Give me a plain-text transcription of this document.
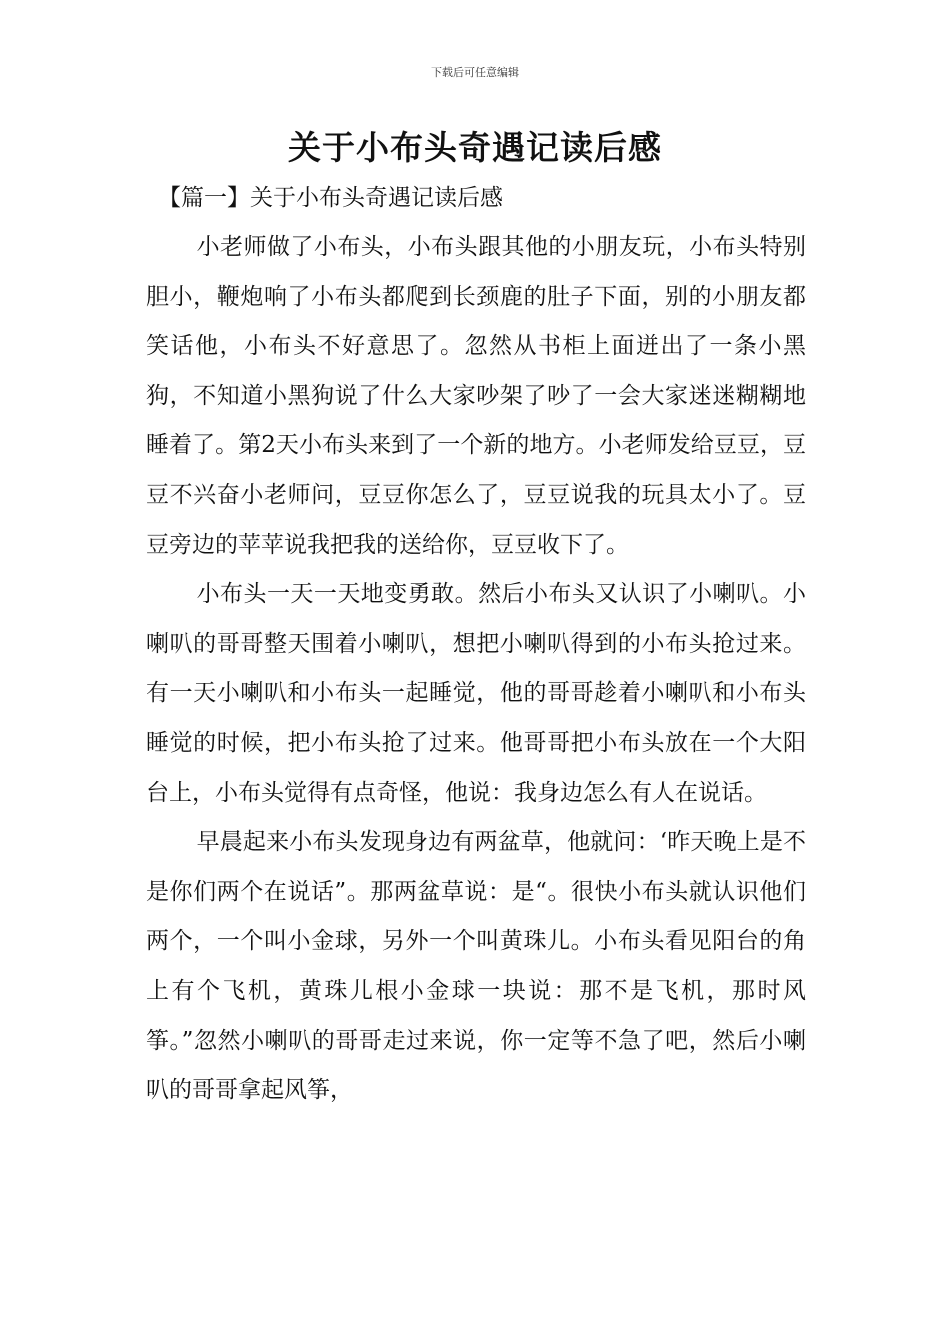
下载后可任意编辑
关于小布头奇遇记读后感
【篇一】关于小布头奇遇记读后感

小老师做了小布头，小布头跟其他的小朋友玩，小布头特别胆小，鞭炮响了小布头都爬到长颈鹿的肚子下面，别的小朋友都笑话他，小布头不好意思了。忽然从书柜上面迸出了一条小黑狗，不知道小黑狗说了什么大家吵架了吵了一会大家迷迷糊糊地睡着了。第2天小布头来到了一个新的地方。小老师发给豆豆，豆豆不兴奋小老师问，豆豆你怎么了，豆豆说我的玩具太小了。豆豆旁边的苹苹说我把我的送给你，豆豆收下了。

小布头一天一天地变勇敢。然后小布头又认识了小喇叭。小喇叭的哥哥整天围着小喇叭，想把小喇叭得到的小布头抢过来。有一天小喇叭和小布头一起睡觉，他的哥哥趁着小喇叭和小布头睡觉的时候，把小布头抢了过来。他哥哥把小布头放在一个大阳台上，小布头觉得有点奇怪，他说：我身边怎么有人在说话。

早晨起来小布头发现身边有两盆草，他就问：‘昨天晚上是不是你们两个在说话”。那两盆草说：是“。很快小布头就认识他们两个，一个叫小金球，另外一个叫黄珠儿。小布头看见阳台的角上有个飞机，黄珠儿根小金球一块说：那不是飞机，那时风筝。”忽然小喇叭的哥哥走过来说，你一定等不急了吧，然后小喇叭的哥哥拿起风筝，
